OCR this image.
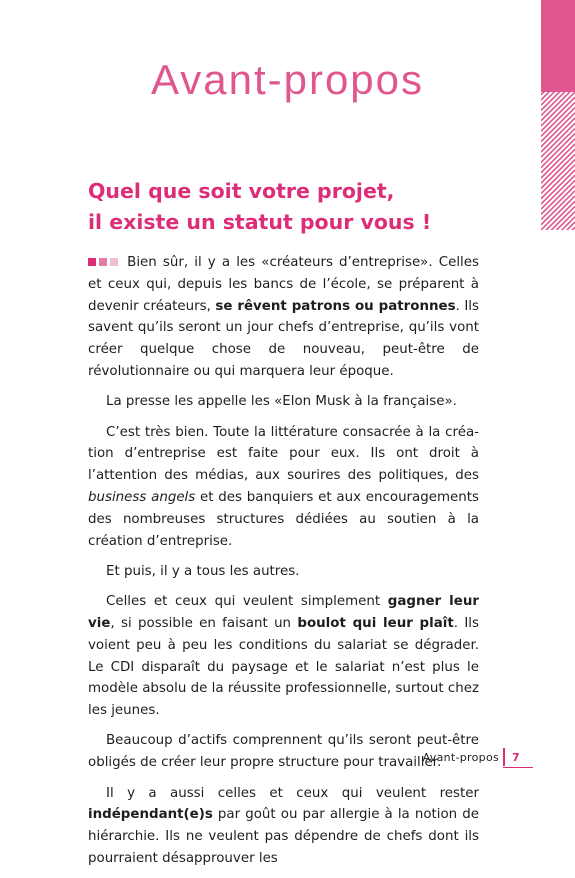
Avant-propos
Quel que soit votre projet,
il existe un statut pour vous !

Bien sûr, il y a les «créateurs d’entreprise». Celles et ceux qui, depuis les bancs de l’école, se préparent à devenir créateurs, se rêvent patrons ou patronnes. Ils savent qu’ils seront un jour chefs d’entreprise, qu’ils vont créer quelque chose de nouveau, peut-être de révolutionnaire ou qui marquera leur époque.

La presse les appelle les «Elon Musk à la française».

C’est très bien. Toute la littérature consacrée à la création d’entreprise est faite pour eux. Ils ont droit à l’attention des médias, aux sourires des politiques, des business angels et des banquiers et aux encouragements des nombreuses structures dédiées au soutien à la création d’entreprise.

Et puis, il y a tous les autres.

Celles et ceux qui veulent simplement gagner leur vie, si possible en faisant un boulot qui leur plaît. Ils voient peu à peu les conditions du salariat se dégrader. Le CDI disparaît du paysage et le salariat n’est plus le modèle absolu de la réussite professionnelle, surtout chez les jeunes.

Beaucoup d’actifs comprennent qu’ils seront peut-être obligés de créer leur propre structure pour travailler.

Il y a aussi celles et ceux qui veulent rester indépendant(e)s par goût ou par allergie à la notion de hiérarchie. Ils ne veulent pas dépendre de chefs dont ils pourraient désapprouver les

Avant-propos 7
